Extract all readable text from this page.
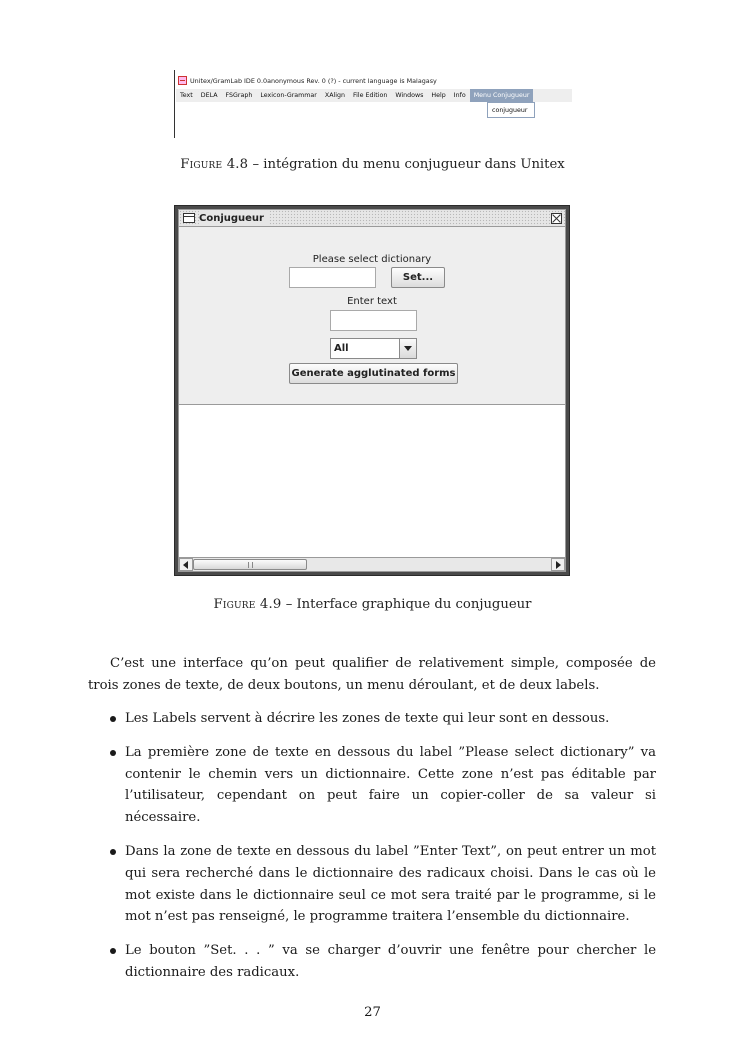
Unitex/GramLab IDE 0.0anonymous Rev. 0 (?) - current language is Malagasy
Text	DELA	FSGraph	Lexicon-Grammar	XAlign	File Edition	Windows	Help	Info	Menu Conjugueur
conjugueur
Figure 4.8 – intégration du menu conjugueur dans Unitex
Conjugueur
Please select dictionary
Set...
Enter text
All
Generate agglutinated forms
Figure 4.9 – Interface graphique du conjugueur

C’est une interface qu’on peut qualifier de relativement simple, composée de trois zones de texte, de deux boutons, un menu déroulant, et de deux labels.

Les Labels servent à décrire les zones de texte qui leur sont en dessous.
La première zone de texte en dessous du label ”Please select dictionary” va contenir le chemin vers un dictionnaire. Cette zone n’est pas éditable par l’utilisateur, cependant on peut faire un copier-coller de sa valeur si nécessaire.
Dans la zone de texte en dessous du label ”Enter Text”, on peut entrer un mot qui sera recherché dans le dictionnaire des radicaux choisi. Dans le cas où le mot existe dans le dictionnaire seul ce mot sera traité par le programme, si le mot n’est pas renseigné, le programme traitera l’ensemble du dictionnaire.
Le bouton ”Set. . . ” va se charger d’ouvrir une fenêtre pour chercher le dictionnaire des radicaux.
27
